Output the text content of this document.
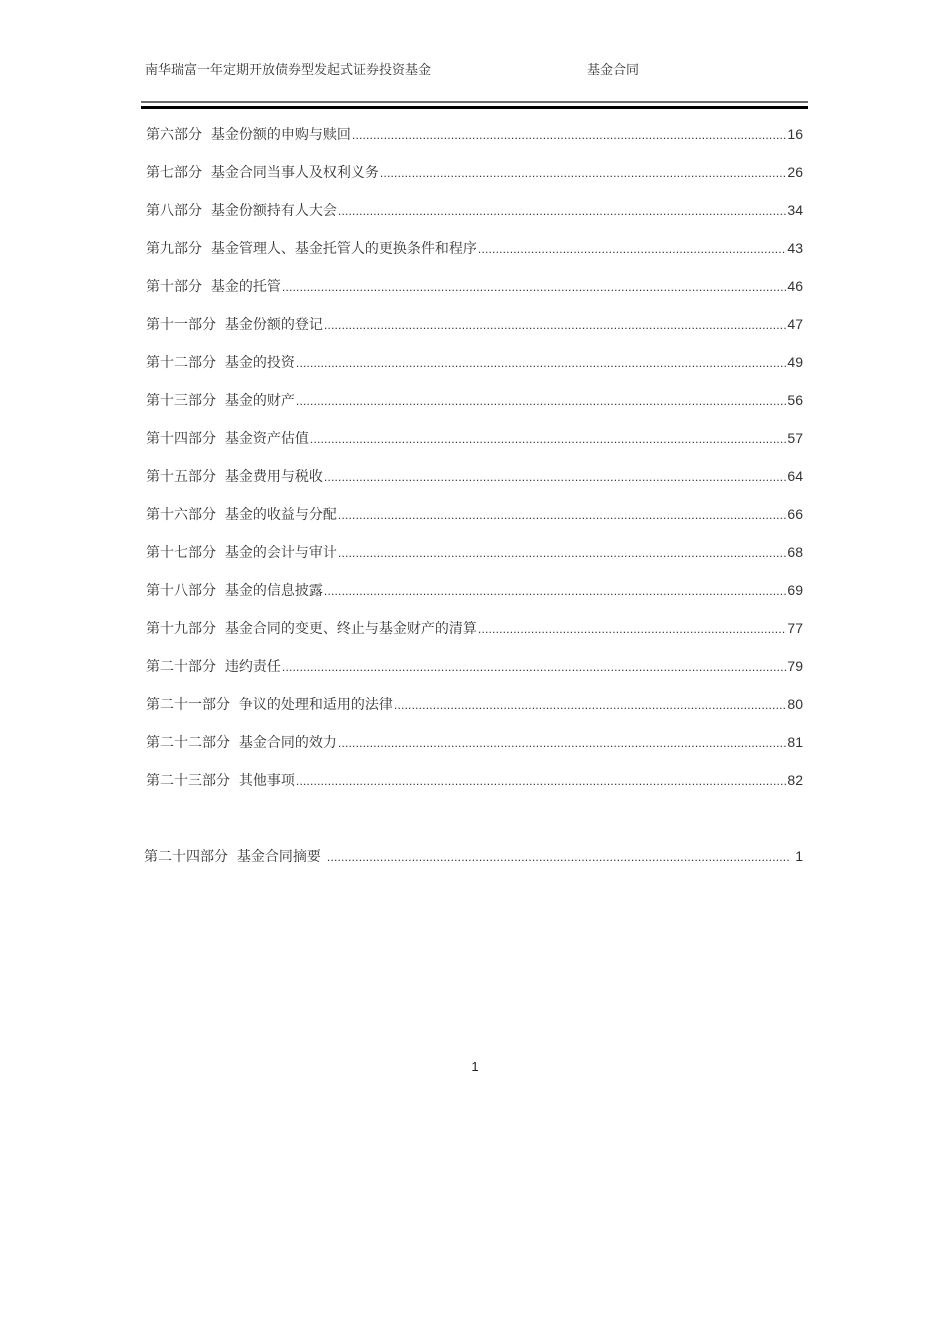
南华瑞富一年定期开放债券型发起式证券投资基金	基金合同
第六部分 基金份额的申购与赎回 .....	16
第七部分 基金合同当事人及权利义务 .....	26
第八部分 基金份额持有人大会 .....	34
第九部分 基金管理人、基金托管人的更换条件和程序 .....	43
第十部分 基金的托管 .....	46
第十一部分 基金份额的登记 .....	47
第十二部分 基金的投资 .....	49
第十三部分 基金的财产 .....	56
第十四部分 基金资产估值 .....	57
第十五部分 基金费用与税收 .....	64
第十六部分 基金的收益与分配 .....	66
第十七部分 基金的会计与审计 .....	68
第十八部分 基金的信息披露 .....	69
第十九部分 基金合同的变更、终止与基金财产的清算 .....	77
第二十部分 违约责任 .....	79
第二十一部分 争议的处理和适用的法律 .....	80
第二十二部分 基金合同的效力 .....	81
第二十三部分 其他事项 .....	82
第二十四部分 基金合同摘要 .....	1
1
